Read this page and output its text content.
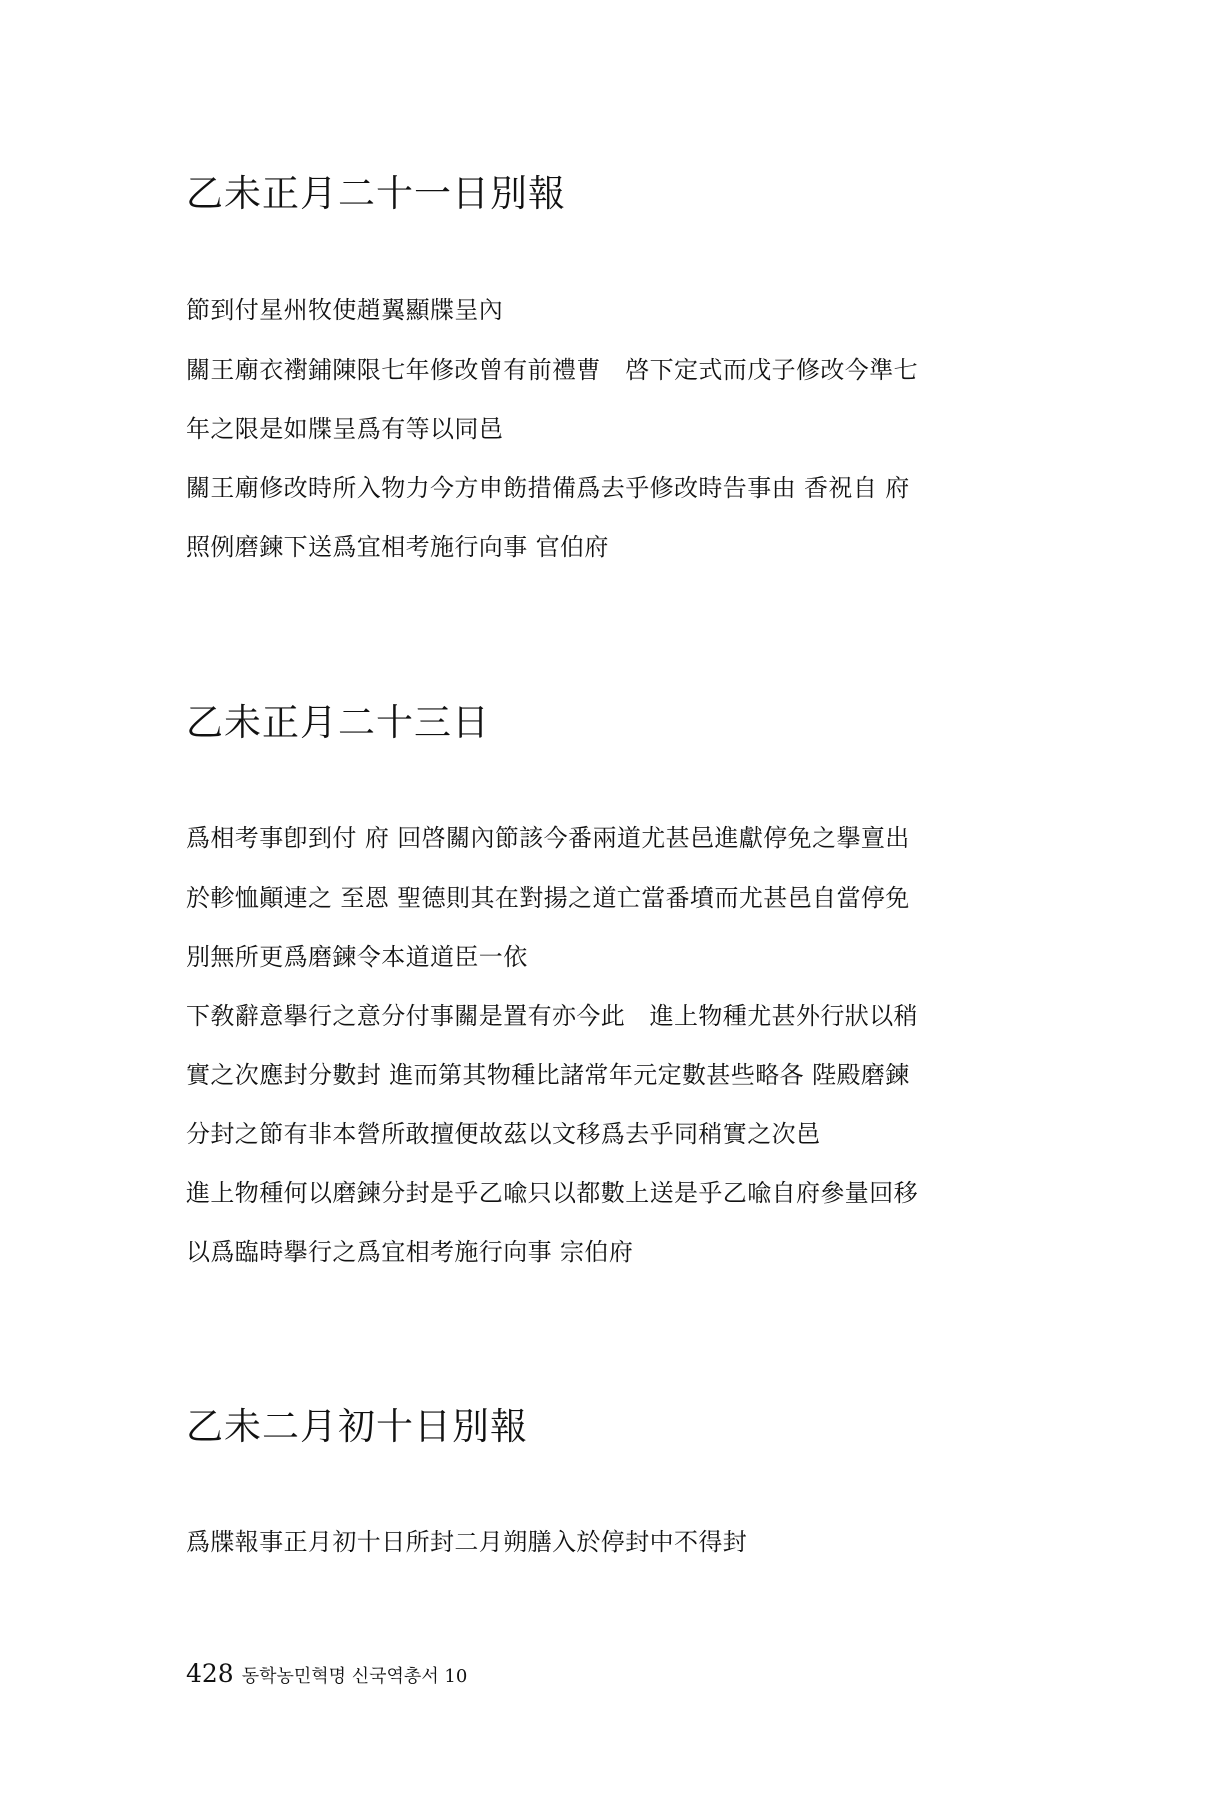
乙未正月二十一日別報

節到付星州牧使趙翼顯牒呈內

關王廟衣襨鋪陳限七年修改曾有前禮曹　啓下定式而戊子修改今準七

年之限是如牒呈爲有等以同邑

關王廟修改時所入物力今方申飭措備爲去乎修改時告事由 香祝自 府

照例磨鍊下送爲宜相考施行向事 官伯府

乙未正月二十三日

爲相考事卽到付 府 回啓關內節該今番兩道尤甚邑進獻停免之擧亶出

於軫恤顚連之 至恩 聖德則其在對揚之道亡當番墳而尤甚邑自當停免

別無所更爲磨鍊令本道道臣一依

下敎辭意擧行之意分付事關是置有亦今此　進上物種尤甚外行狀以稍

實之次應封分數封 進而第其物種比諸常年元定數甚些略各 陛殿磨鍊

分封之節有非本營所敢擅便故茲以文移爲去乎同稍實之次邑

進上物種何以磨鍊分封是乎乙喩只以都數上送是乎乙喩自府參量回移

以爲臨時擧行之爲宜相考施行向事 宗伯府

乙未二月初十日別報

爲牒報事正月初十日所封二月朔膳入於停封中不得封

428 동학농민혁명 신국역총서 10
